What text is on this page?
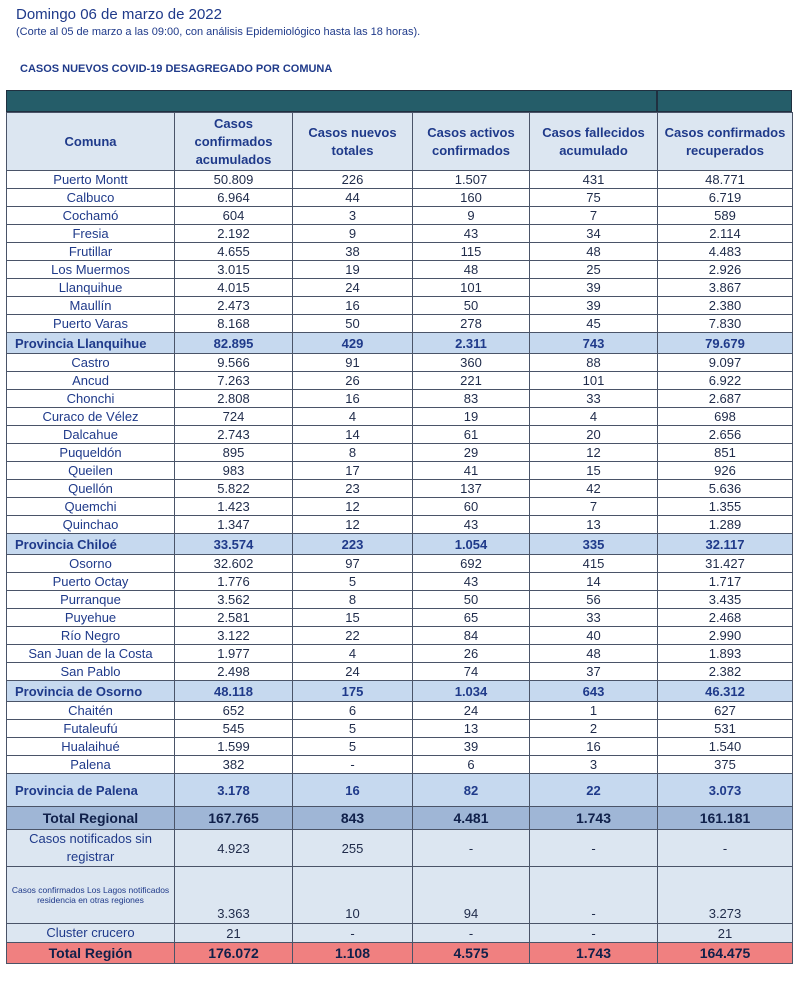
Domingo 06 de marzo de 2022
(Corte al 05 de marzo a las 09:00, con análisis Epidemiológico hasta las 18 horas).
CASOS NUEVOS COVID-19 DESAGREGADO POR COMUNA
Comuna	Casos confirmados acumulados	Casos nuevos totales	Casos activos confirmados	Casos fallecidos acumulado	Casos confirmados recuperados
Puerto Montt	50.809	226	1.507	431	48.771
Calbuco	6.964	44	160	75	6.719
Cochamó	604	3	9	7	589
Fresia	2.192	9	43	34	2.114
Frutillar	4.655	38	115	48	4.483
Los Muermos	3.015	19	48	25	2.926
Llanquihue	4.015	24	101	39	3.867
Maullín	2.473	16	50	39	2.380
Puerto Varas	8.168	50	278	45	7.830
Provincia Llanquihue	82.895	429	2.311	743	79.679
Castro	9.566	91	360	88	9.097
Ancud	7.263	26	221	101	6.922
Chonchi	2.808	16	83	33	2.687
Curaco de Vélez	724	4	19	4	698
Dalcahue	2.743	14	61	20	2.656
Puqueldón	895	8	29	12	851
Queilen	983	17	41	15	926
Quellón	5.822	23	137	42	5.636
Quemchi	1.423	12	60	7	1.355
Quinchao	1.347	12	43	13	1.289
Provincia Chiloé	33.574	223	1.054	335	32.117
Osorno	32.602	97	692	415	31.427
Puerto Octay	1.776	5	43	14	1.717
Purranque	3.562	8	50	56	3.435
Puyehue	2.581	15	65	33	2.468
Río Negro	3.122	22	84	40	2.990
San Juan de la Costa	1.977	4	26	48	1.893
San Pablo	2.498	24	74	37	2.382
Provincia de Osorno	48.118	175	1.034	643	46.312
Chaitén	652	6	24	1	627
Futaleufú	545	5	13	2	531
Hualaihué	1.599	5	39	16	1.540
Palena	382	-	6	3	375
Provincia de Palena	3.178	16	82	22	3.073
Total Regional	167.765	843	4.481	1.743	161.181
Casos notificados sin registrar	4.923	255	-	-	-
Casos confirmados Los Lagos notificados residencia en otras regiones	3.363	10	94	-	3.273
Cluster crucero	21	-	-	-	21
Total Región	176.072	1.108	4.575	1.743	164.475
